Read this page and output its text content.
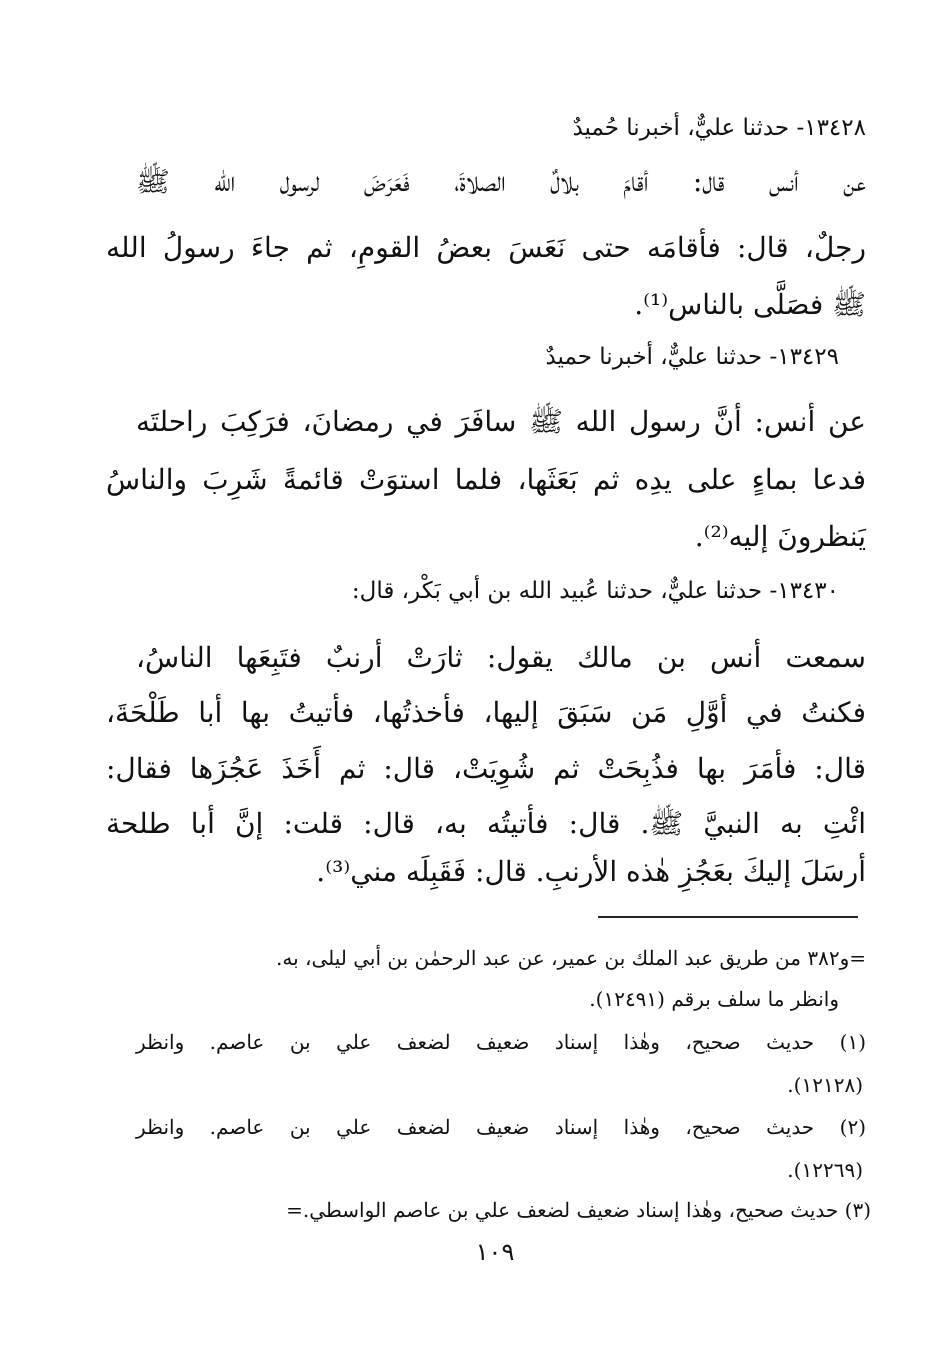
١٣٤٢٨- حدثنا عليٌّ، أخبرنا حُميدٌ
عن أنس قال: أقامَ بلالٌ الصلاةَ، فَعَرَضَ لرسول الله ﷺ
رجلٌ، قال: فأقامَه حتى نَعَسَ بعضُ القومِ، ثم جاءَ رسولُ الله
ﷺ فصَلَّى بالناس⁽¹⁾.
١٣٤٢٩- حدثنا عليٌّ، أخبرنا حميدٌ
عن أنس: أنَّ رسول الله ﷺ سافَرَ في رمضانَ، فرَكِبَ راحلتَه
فدعا بماءٍ على يدِه ثم بَعَثَها، فلما استوَتْ قائمةً شَرِبَ والناسُ
يَنظرونَ إليه⁽²⁾.
١٣٤٣٠- حدثنا عليٌّ، حدثنا عُبيد الله بن أبي بَكْر، قال:
سمعت أنس بن مالك يقول: ثارَتْ أرنبٌ فتَبِعَها الناسُ،
فكنتُ في أوَّلِ مَن سَبَقَ إليها، فأخذتُها، فأتيتُ بها أبا طَلْحَةَ،
قال: فأمَرَ بها فذُبِحَتْ ثم شُوِيَتْ، قال: ثم أَخَذَ عَجُزَها فقال:
ائْتِ به النبيَّ ﷺ. قال: فأتيتُه به، قال: قلت: إنَّ أبا طلحة
أرسَلَ إليكَ بعَجُزِ هٰذه الأرنبِ. قال: فَقَبِلَه مني⁽³⁾.
=و٣٨٢ من طريق عبد الملك بن عمير، عن عبد الرحمٰن بن أبي ليلى، به.
وانظر ما سلف برقم (١٢٤٩١).
(١) حديث صحيح، وهٰذا إسناد ضعيف لضعف علي بن عاصم. وانظر
(١٢١٢٨).
(٢) حديث صحيح، وهٰذا إسناد ضعيف لضعف علي بن عاصم. وانظر
(١٢٢٦٩).
(٣) حديث صحيح، وهٰذا إسناد ضعيف لضعف علي بن عاصم الواسطي.=
١٠٩
